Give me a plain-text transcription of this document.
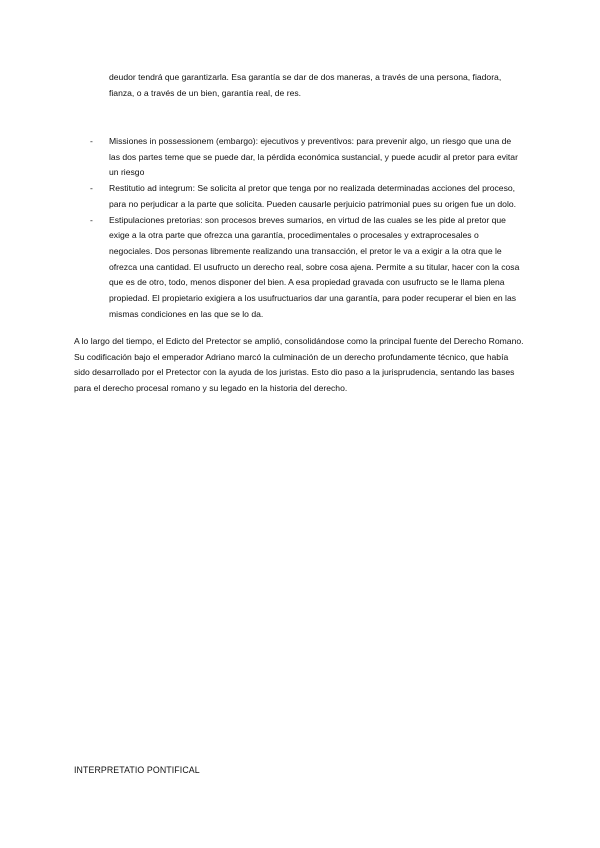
deudor tendrá que garantizarla. Esa garantía se dar de dos maneras, a través de una persona, fiadora, fianza, o a través de un bien, garantía real, de res.

-	Missiones in possessionem (embargo): ejecutivos y preventivos: para prevenir algo, un riesgo que una de las dos partes teme que se puede dar, la pérdida económica sustancial, y puede acudir al pretor para evitar un riesgo
-	Restitutio ad integrum: Se solicita al pretor que tenga por no realizada determinadas acciones del proceso, para no perjudicar a la parte que solicita. Pueden causarle perjuicio patrimonial pues su origen fue un dolo.
-	Estipulaciones pretorias: son procesos breves sumarios, en virtud de las cuales se les pide al pretor que exige a la otra parte que ofrezca una garantía, procedimentales o procesales y extraprocesales o negociales. Dos personas libremente realizando una transacción, el pretor le va a exigir a la otra que le ofrezca una cantidad. El usufructo un derecho real, sobre cosa ajena. Permite a su titular, hacer con la cosa que es de otro, todo, menos disponer del bien. A esa propiedad gravada con usufructo se le llama plena propiedad. El propietario exigiera a los usufructuarios dar una garantía, para poder recuperar el bien en las mismas condiciones en las que se lo da.

A lo largo del tiempo, el Edicto del Pretector se amplió, consolidándose como la principal fuente del Derecho Romano. Su codificación bajo el emperador Adriano marcó la culminación de un derecho profundamente técnico, que había sido desarrollado por el Pretector con la ayuda de los juristas. Esto dio paso a la jurisprudencia, sentando las bases para el derecho procesal romano y su legado en la historia del derecho.

INTERPRETATIO PONTIFICAL
